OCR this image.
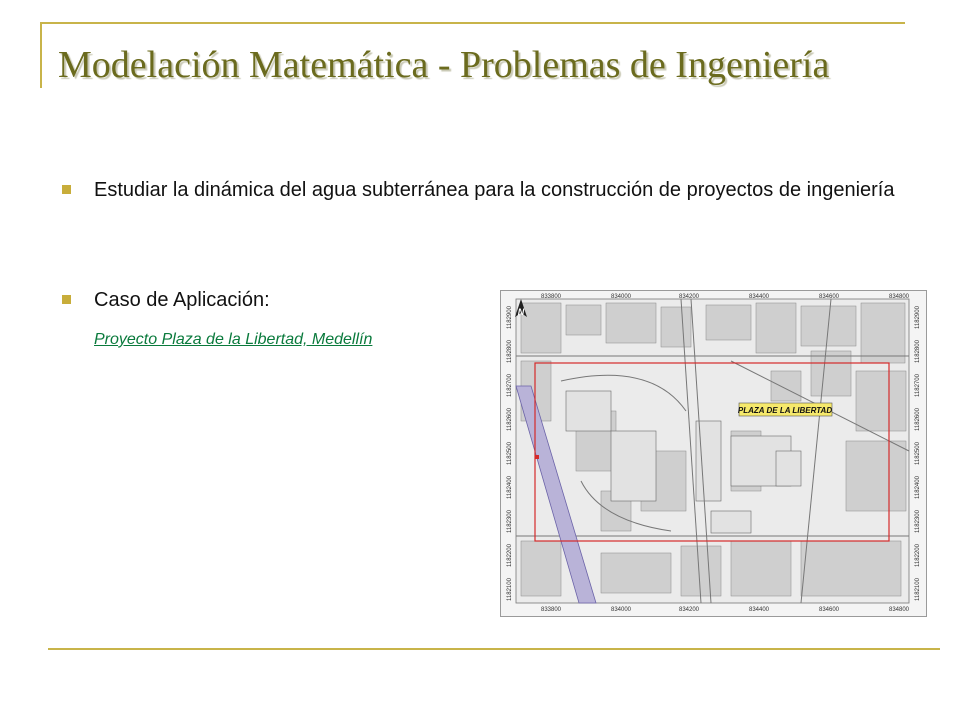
Modelación Matemática - Problemas de Ingeniería
Estudiar la dinámica del agua subterránea para la construcción de proyectos de ingeniería
Caso de Aplicación:
Proyecto Plaza de la Libertad, Medellín
N
PLAZA DE LA LIBERTAD
833800	834000	834200	834400	834600	834800
833800	834000	834200	834400	834600	834800
1182900
1182800
1182700
1182600
1182500
1182400
1182300
1182200
1182100
1182900
1182800
1182700
1182600
1182500
1182400
1182300
1182200
1182100
